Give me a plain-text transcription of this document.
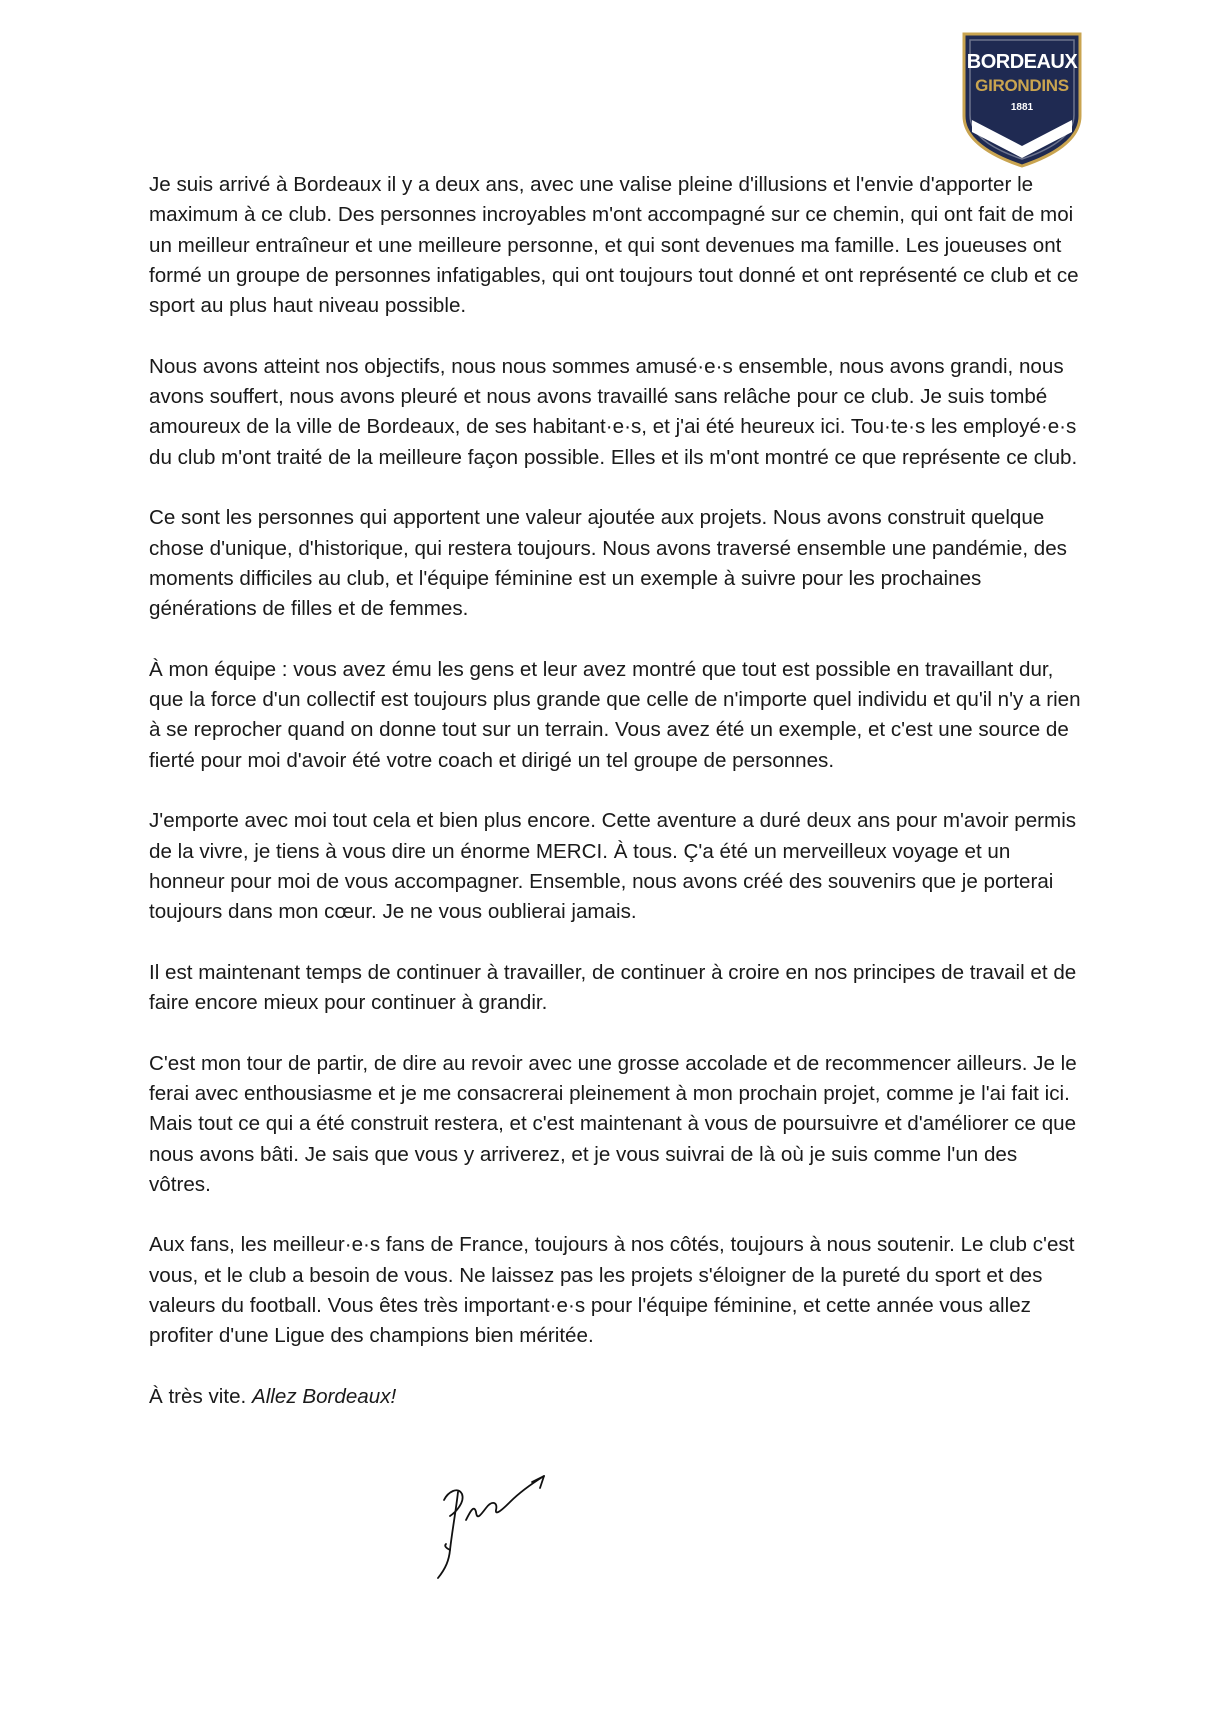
BORDEAUX
GIRONDINS
1881

Je suis arrivé à Bordeaux il y a deux ans, avec une valise pleine d'illusions et l'envie d'apporter le maximum à ce club. Des personnes incroyables m'ont accompagné sur ce chemin, qui ont fait de moi un meilleur entraîneur et une meilleure personne, et qui sont devenues ma famille. Les joueuses ont formé un groupe de personnes infatigables, qui ont toujours tout donné et ont représenté ce club et ce sport au plus haut niveau possible.

Nous avons atteint nos objectifs, nous nous sommes amusé·e·s ensemble, nous avons grandi, nous avons souffert, nous avons pleuré et nous avons travaillé sans relâche pour ce club. Je suis tombé amoureux de la ville de Bordeaux, de ses habitant·e·s, et j'ai été heureux ici. Tou·te·s les employé·e·s du club m'ont traité de la meilleure façon possible. Elles et ils m'ont montré ce que représente ce club.

Ce sont les personnes qui apportent une valeur ajoutée aux projets. Nous avons construit quelque chose d'unique, d'historique, qui restera toujours. Nous avons traversé ensemble une pandémie, des moments difficiles au club, et l'équipe féminine est un exemple à suivre pour les prochaines générations de filles et de femmes.

À mon équipe : vous avez ému les gens et leur avez montré que tout est possible en travaillant dur, que la force d'un collectif est toujours plus grande que celle de n'importe quel individu et qu'il n'y a rien à se reprocher quand on donne tout sur un terrain. Vous avez été un exemple, et c'est une source de fierté pour moi d'avoir été votre coach et dirigé un tel groupe de personnes.

J'emporte avec moi tout cela et bien plus encore. Cette aventure a duré deux ans pour m'avoir permis de la vivre, je tiens à vous dire un énorme MERCI. À tous. Ç'a été un merveilleux voyage et un honneur pour moi de vous accompagner. Ensemble, nous avons créé des souvenirs que je porterai toujours dans mon cœur. Je ne vous oublierai jamais.

Il est maintenant temps de continuer à travailler, de continuer à croire en nos principes de travail et de faire encore mieux pour continuer à grandir.

C'est mon tour de partir, de dire au revoir avec une grosse accolade et de recommencer ailleurs. Je le ferai avec enthousiasme et je me consacrerai pleinement à mon prochain projet, comme je l'ai fait ici. Mais tout ce qui a été construit restera, et c'est maintenant à vous de poursuivre et d'améliorer ce que nous avons bâti. Je sais que vous y arriverez, et je vous suivrai de là où je suis comme l'un des vôtres.

Aux fans, les meilleur·e·s fans de France, toujours à nos côtés, toujours à nous soutenir. Le club c'est vous, et le club a besoin de vous. Ne laissez pas les projets s'éloigner de la pureté du sport et des valeurs du football. Vous êtes très important·e·s pour l'équipe féminine, et cette année vous allez profiter d'une Ligue des champions bien méritée.

À très vite. Allez Bordeaux!
